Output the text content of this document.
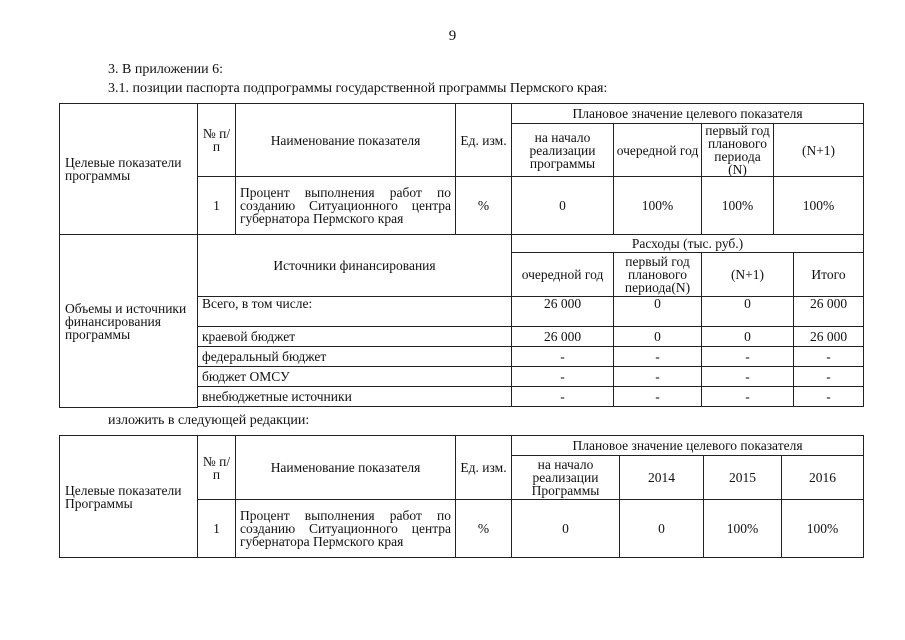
9
3. В приложении 6:
3.1. позиции паспорта подпрограммы государственной программы Пермского края:
Целевые показатели программы	№ п/п	Наименование показателя	Ед. изм.	Плановое значение целевого показателя				
				на начало реализации программы	очередной год	первый год планового периода (N)	(N+1)	
	1	Процент выполнения работ по созданию Ситуационного центра губернатора Пермского края	%	0	100%	100%	100%	
Объемы и источники финансирования программы	Источники финансирования			Расходы (тыс. руб.)				
				очередной год	первый год планового периода(N)	(N+1)		Итого
	Всего, в том числе:			26 000	0	0		26 000
	краевой бюджет			26 000	0	0		26 000
	федеральный бюджет			-	-	-		-
	бюджет ОМСУ			-	-	-		-
	внебюджетные источники			-	-	-		-

изложить в следующей редакции:
Целевые показатели Программы	№ п/п	Наименование показателя	Ед. изм.	Плановое значение целевого показателя			
				на начало реализации Программы	2014	2015	2016
	1	Процент выполнения работ по созданию Ситуационного центра губернатора Пермского края	%	0	0	100%	100%
